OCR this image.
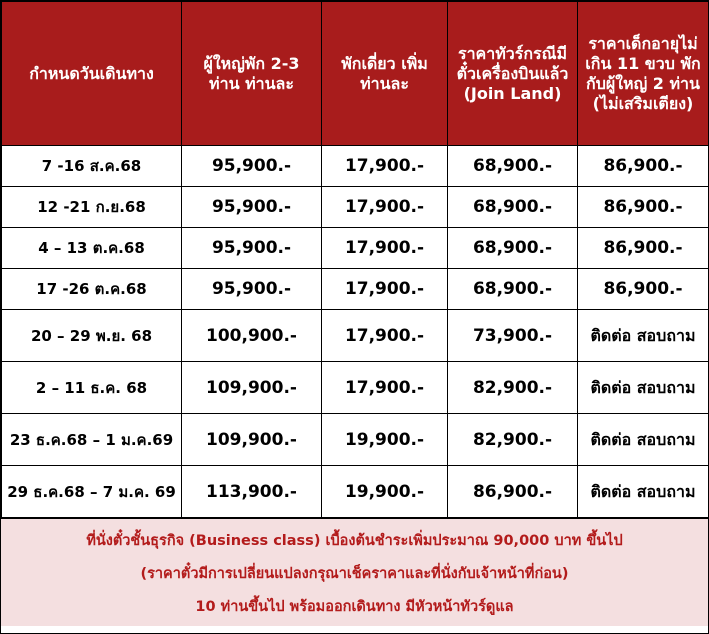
กำหนดวันเดินทาง	ผู้ใหญ่พัก 2-3 ท่าน ท่านละ	พักเดี่ยว เพิ่ม ท่านละ	ราคาทัวร์กรณีมีตั๋วเครื่องบินแล้ว (Join Land)	ราคาเด็กอายุไม่เกิน 11 ขวบ พักกับผู้ใหญ่ 2 ท่าน (ไม่เสริมเตียง)
7 -16 ส.ค.68	95,900.-	17,900.-	68,900.-	86,900.-
12 -21 ก.ย.68	95,900.-	17,900.-	68,900.-	86,900.-
4 – 13 ต.ค.68	95,900.-	17,900.-	68,900.-	86,900.-
17 -26 ต.ค.68	95,900.-	17,900.-	68,900.-	86,900.-
20 – 29 พ.ย. 68	100,900.-	17,900.-	73,900.-	ติดต่อ สอบถาม
2 – 11 ธ.ค. 68	109,900.-	17,900.-	82,900.-	ติดต่อ สอบถาม
23 ธ.ค.68 – 1 ม.ค.69	109,900.-	19,900.-	82,900.-	ติดต่อ สอบถาม
29 ธ.ค.68 – 7 ม.ค. 69	113,900.-	19,900.-	86,900.-	ติดต่อ สอบถาม
ที่นั่งตั๋วชั้นธุรกิจ (Business class) เบื้องต้นชำระเพิ่มประมาณ 90,000 บาท ขึ้นไป
(ราคาตั๋วมีการเปลี่ยนแปลงกรุณาเช็คราคาและที่นั่งกับเจ้าหน้าที่ก่อน)
10 ท่านขึ้นไป พร้อมออกเดินทาง มีหัวหน้าทัวร์ดูแล
